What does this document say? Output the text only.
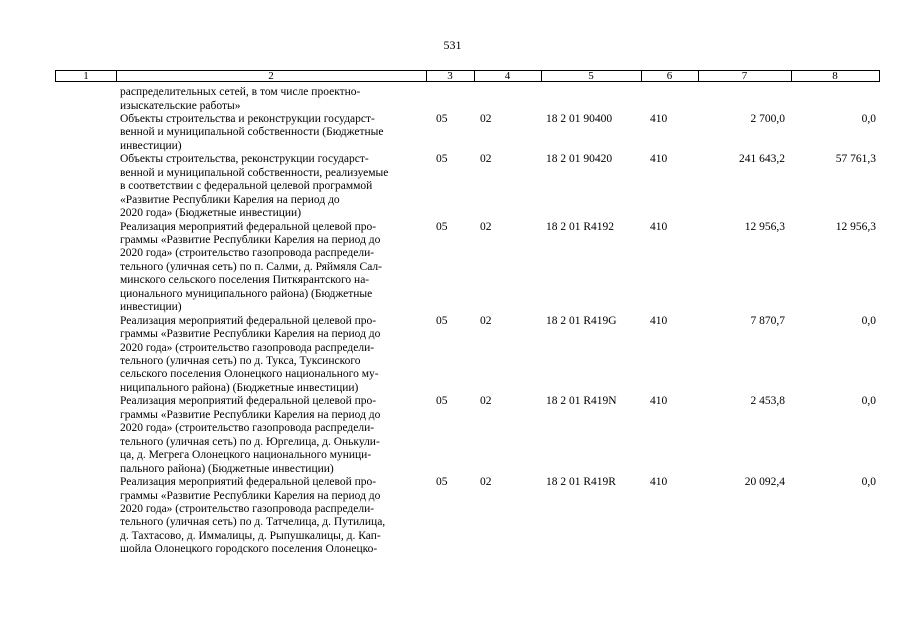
531
1	2	3	4	5	6	7	8
распределительных сетей, в том числе проектно-
изыскательские работы»
Объекты строительства и реконструкции государст-	05	02	18 2 01 90400	410	2 700,0	0,0
венной и муниципальной собственности (Бюджетные
инвестиции)
Объекты строительства, реконструкции государст-	05	02	18 2 01 90420	410	241 643,2	57 761,3
венной и муниципальной собственности, реализуемые
в соответствии с федеральной целевой программой
«Развитие Республики Карелия на период до
2020 года» (Бюджетные инвестиции)
Реализация мероприятий федеральной целевой про-	05	02	18 2 01 R4192	410	12 956,3	12 956,3
граммы «Развитие Республики Карелия на период до
2020 года» (строительство газопровода распредели-
тельного (уличная сеть) по п. Салми, д. Ряймяля Сал-
минского сельского поселения Питкярантского на-
ционального муниципального района) (Бюджетные
инвестиции)
Реализация мероприятий федеральной целевой про-	05	02	18 2 01 R419G	410	7 870,7	0,0
граммы «Развитие Республики Карелия на период до
2020 года» (строительство газопровода распредели-
тельного (уличная сеть) по д. Тукса, Туксинского
сельского поселения Олонецкого национального му-
ниципального района) (Бюджетные инвестиции)
Реализация мероприятий федеральной целевой про-	05	02	18 2 01 R419N	410	2 453,8	0,0
граммы «Развитие Республики Карелия на период до
2020 года» (строительство газопровода распредели-
тельного (уличная сеть) по д. Юргелица, д. Онькули-
ца, д. Мегрега Олонецкого национального муници-
пального района) (Бюджетные инвестиции)
Реализация мероприятий федеральной целевой про-	05	02	18 2 01 R419R	410	20 092,4	0,0
граммы «Развитие Республики Карелия на период до
2020 года» (строительство газопровода распредели-
тельного (уличная сеть) по д. Татчелица, д. Путилица,
д. Тахтасово, д. Иммалицы, д. Рыпушкалицы, д. Кап-
шойла Олонецкого городского поселения Олонецко-
